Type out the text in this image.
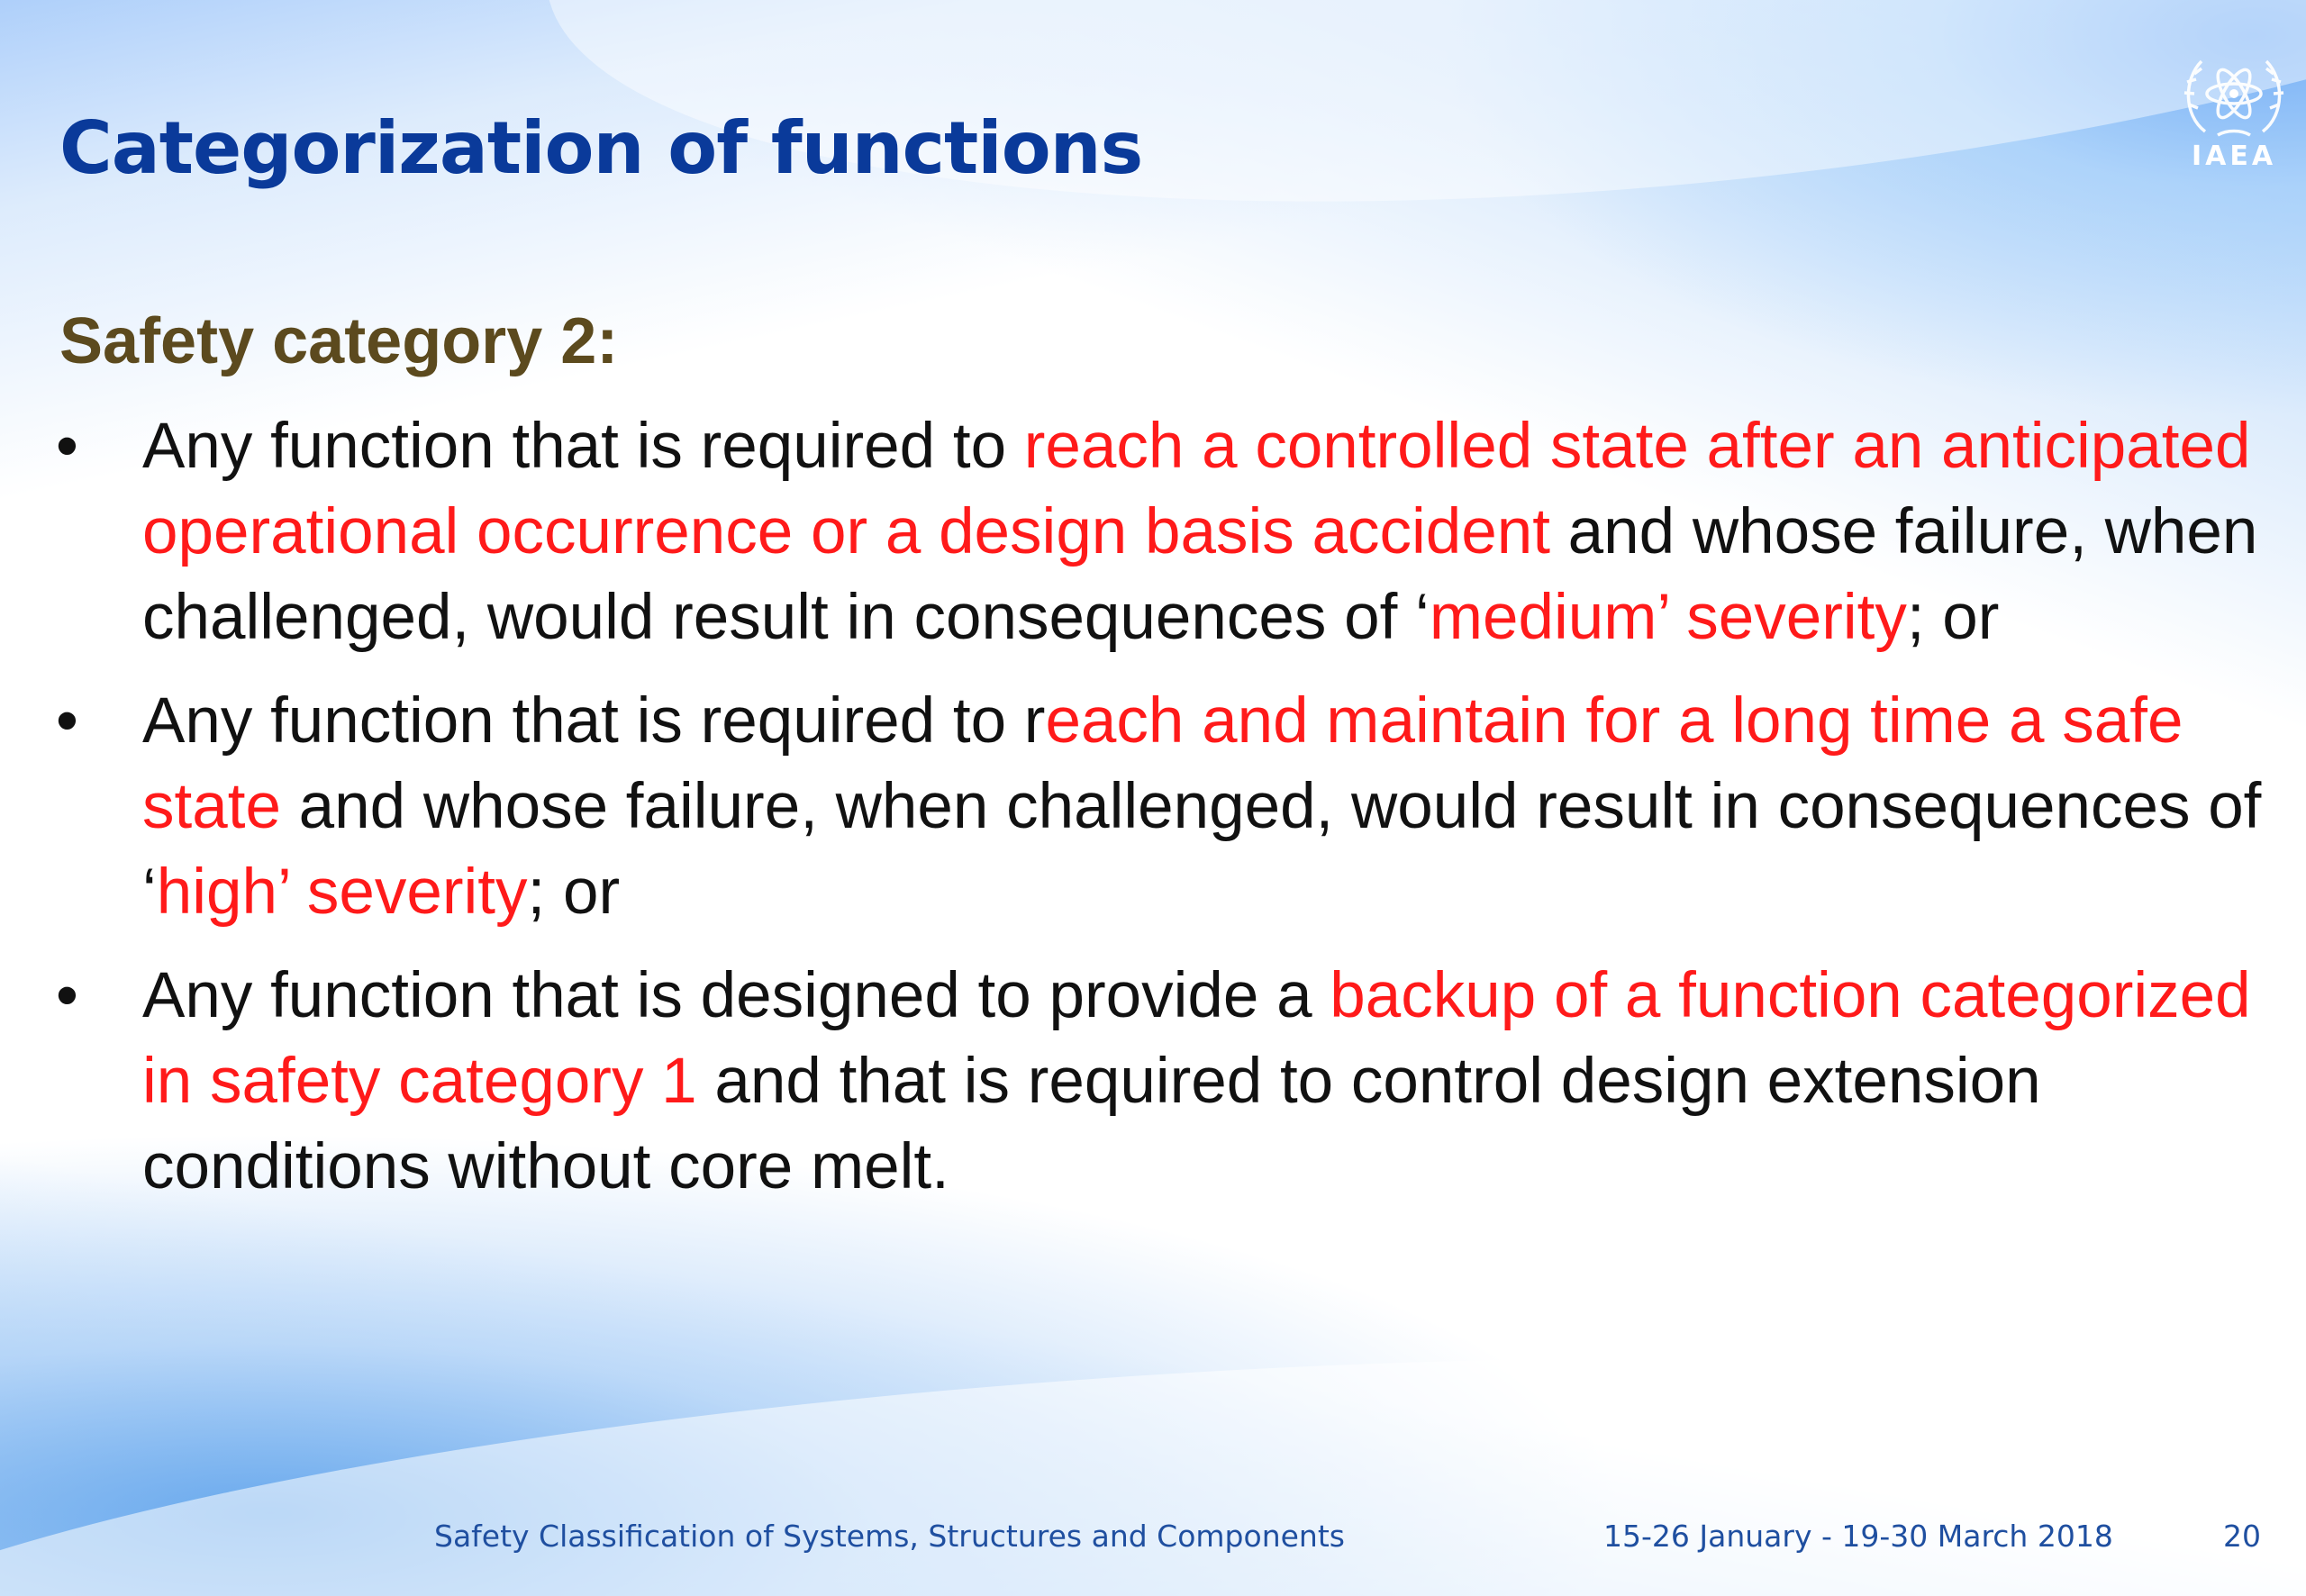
Categorization of functions	IAEA
Safety category 2:
• Any function that is required to reach a controlled state after an anticipated operational occurrence or a design basis accident and whose failure, when challenged, would result in consequences of ‘medium’ severity; or
• Any function that is required to reach and maintain for a long time a safe state and whose failure, when challenged, would result in consequences of ‘high’ severity; or
• Any function that is designed to provide a backup of a function categorized in safety category 1 and that is required to control design extension conditions without core melt.
Safety Classification of Systems, Structures and Components	15-26 January - 19-30 March 2018	20
